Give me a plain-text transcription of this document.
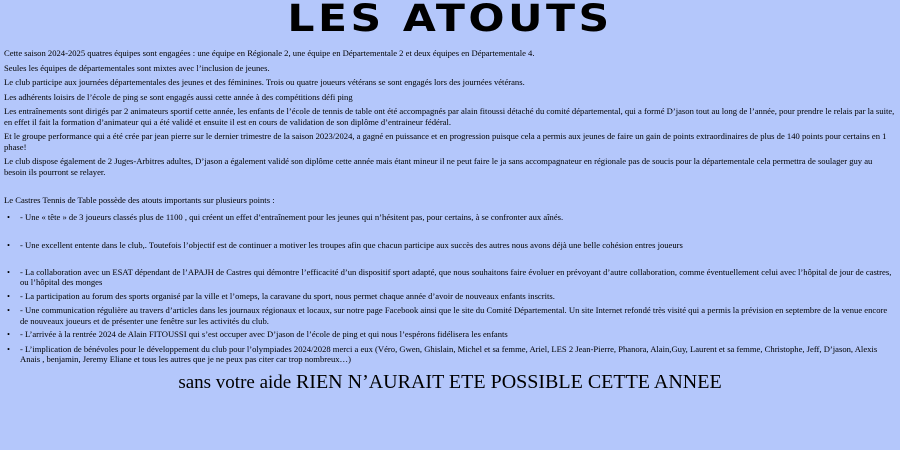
LES ATOUTS

Cette saison 2024-2025 quatres équipes sont engagées : une équipe en Régionale 2, une équipe en Départementale 2 et deux équipes en Départementale 4.

Seules les équipes de départementales sont mixtes avec l’inclusion de jeunes.

Le club participe aux journées départementales des jeunes et des féminines. Trois ou quatre joueurs vétérans se sont engagés lors des journées vétérans.

Les adhérents loisirs de l’école de ping se sont engagés aussi cette année à des compétitions défi ping

Les entraînements sont dirigés par 2 animateurs sportif cette année, les enfants de l’école de tennis de table ont été accompagnés par alain fitoussi détaché du comité départemental, qui a formé D’jason tout au long de l’année, pour prendre le relais par la suite, en effet il fait la formation d’animateur qui a été validé et ensuite il est en cours de validation de son diplôme d’entraineur fédéral.

Et le groupe performance qui a été crée par jean pierre sur le dernier trimestre de la saison 2023/2024, a gagné en puissance et en progression puisque cela a permis aux jeunes de faire un gain de points extraordinaires de plus de 140 points pour certains en 1 phase!

Le club dispose également de 2 Juges-Arbitres adultes, D’jason a également validé son diplôme cette année mais étant mineur il ne peut faire le ja sans accompagnateur en régionale pas de soucis pour la départementale cela permettra de soulager guy au besoin ils pourront se relayer.

Le Castres Tennis de Table possède des atouts importants sur plusieurs points :

• - Une « tête » de 3 joueurs classés plus de 1100 , qui créent un effet d’entraînement pour les jeunes qui n’hésitent pas, pour certains, à se confronter aux aînés.
• - Une excellent entente dans le club,. Toutefois l’objectif est de continuer a motiver les troupes afin que chacun participe aux succès des autres nous avons déjà une belle cohésion entres joueurs
• - La collaboration avec un ESAT dépendant de l’APAJH de Castres qui démontre l’efficacité d’un dispositif sport adapté, que nous souhaitons faire évoluer en prévoyant d’autre collaboration, comme éventuellement celui avec l’hôpital de jour de castres, ou l’hôpital des monges
• - La participation au forum des sports organisé par la ville et l’omeps, la caravane du sport, nous permet chaque année d’avoir de nouveaux enfants inscrits.
• - Une communication régulière au travers d’articles dans les journaux régionaux et locaux, sur notre page Facebook ainsi que le site du Comité Départemental. Un site Internet refondé très visité qui a permis la prévision en septembre de la venue encore de nouveaux joueurs et de présenter une fenêtre sur les activités du club.
• - L’arrivée à la rentrée 2024 de Alain FITOUSSI qui s’est occuper avec D’jason de l’école de ping et qui nous l’espérons fidélisera les enfants
• - L’implication de bénévoles pour le développement du club pour l’olympiades 2024/2028 merci a eux (Véro, Gwen, Ghislain, Michel et sa femme, Ariel, LES 2 Jean-Pierre, Phanora, Alain,Guy, Laurent et sa femme, Christophe, Jeff, D’jason, Alexis Anais , benjamin, Jeremy Eliane et tous les autres que je ne peux pas citer car trop nombreux…)

sans votre aide RIEN N’AURAIT ETE POSSIBLE CETTE ANNEE
